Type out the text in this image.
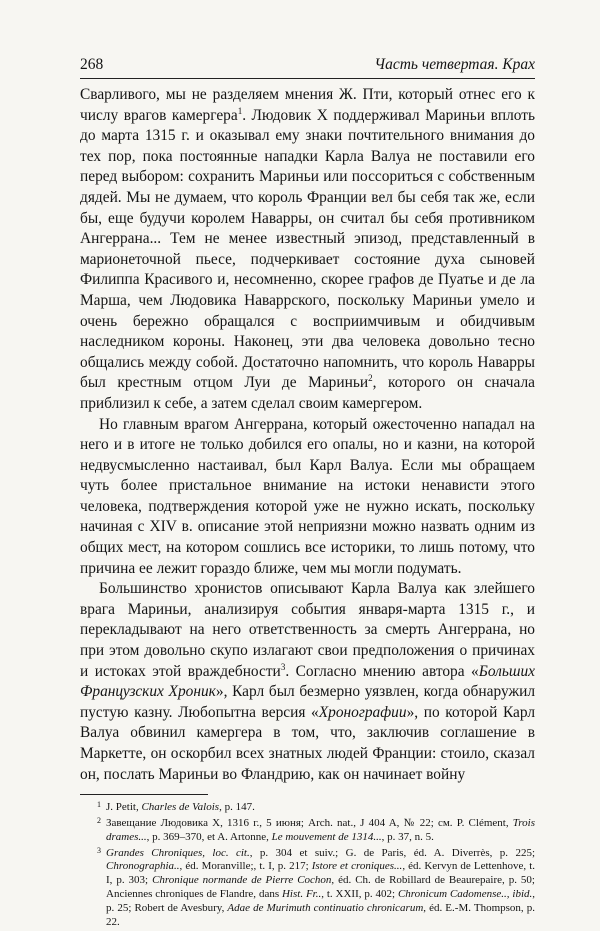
268	Часть четвертая. Крах

Сварливого, мы не разделяем мнения Ж. Пти, который отнес его к числу врагов камергера$^1$. Людовик X поддерживал Мариньи вплоть до марта 1315 г. и оказывал ему знаки почтительного внимания до тех пор, пока постоянные нападки Карла Валуа не поставили его перед выбором: сохранить Мариньи или поссориться с собственным дядей. Мы не думаем, что король Франции вел бы себя так же, если бы, еще будучи королем Наварры, он считал бы себя противником Ангеррана... Тем не менее известный эпизод, представленный в марионеточной пьесе, подчеркивает состояние духа сыновей Филиппа Красивого и, несомненно, скорее графов де Пуатье и де ла Марша, чем Людовика Наваррского, поскольку Мариньи умело и очень бережно обращался с восприимчивым и обидчивым наследником короны. Наконец, эти два человека довольно тесно общались между собой. Достаточно напомнить, что король Наварры был крестным отцом Луи де Мариньи$^2$, которого он сначала приблизил к себе, а затем сделал своим камергером.

Но главным врагом Ангеррана, который ожесточенно нападал на него и в итоге не только добился его опалы, но и казни, на которой недвусмысленно настаивал, был Карл Валуа. Если мы обращаем чуть более пристальное внимание на истоки ненависти этого человека, подтверждения которой уже не нужно искать, поскольку начиная с XIV в. описание этой неприязни можно назвать одним из общих мест, на котором сошлись все историки, то лишь потому, что причина ее лежит гораздо ближе, чем мы могли подумать.

Большинство хронистов описывают Карла Валуа как злейшего врага Мариньи, анализируя события января-марта 1315 г., и перекладывают на него ответственность за смерть Ангеррана, но при этом довольно скупо излагают свои предположения о причинах и истоках этой враждебности$^3$. Согласно мнению автора «Больших Французских Хроник», Карл был безмерно уязвлен, когда обнаружил пустую казну. Любопытна версия «Хронографии», по которой Карл Валуа обвинил камергера в том, что, заключив соглашение в Маркетте, он оскорбил всех знатных людей Франции: стоило, сказал он, послать Мариньи во Фландрию, как он начинает войну

1 J. Petit, Charles de Valois, p. 147.

2 Завещание Людовика X, 1316 г., 5 июня; Arch. nat., J 404 A, № 22; см. P. Clément, Trois drames..., p. 369–370, et A. Artonne, Le mouvement de 1314..., p. 37, n. 5.

3 Grandes Chroniques, loc. cit., p. 304 et suiv.; G. de Paris, éd. A. Diverrès, p. 225; Chronographia.., éd. Moranville;, t. I, p. 217; Istore et croniques..., éd. Kervyn de Lettenhove, t. I, p. 303; Chronique normande de Pierre Cochon, éd. Ch. de Robillard de Beaurepaire, p. 50; Anciennes chroniques de Flandre, dans Hist. Fr.., t. XXII, p. 402; Chronicum Cadomense.., ibid., p. 25; Robert de Avesbury, Adae de Murimuth continuatio chronicarum, éd. E.-M. Thompson, p. 22.
